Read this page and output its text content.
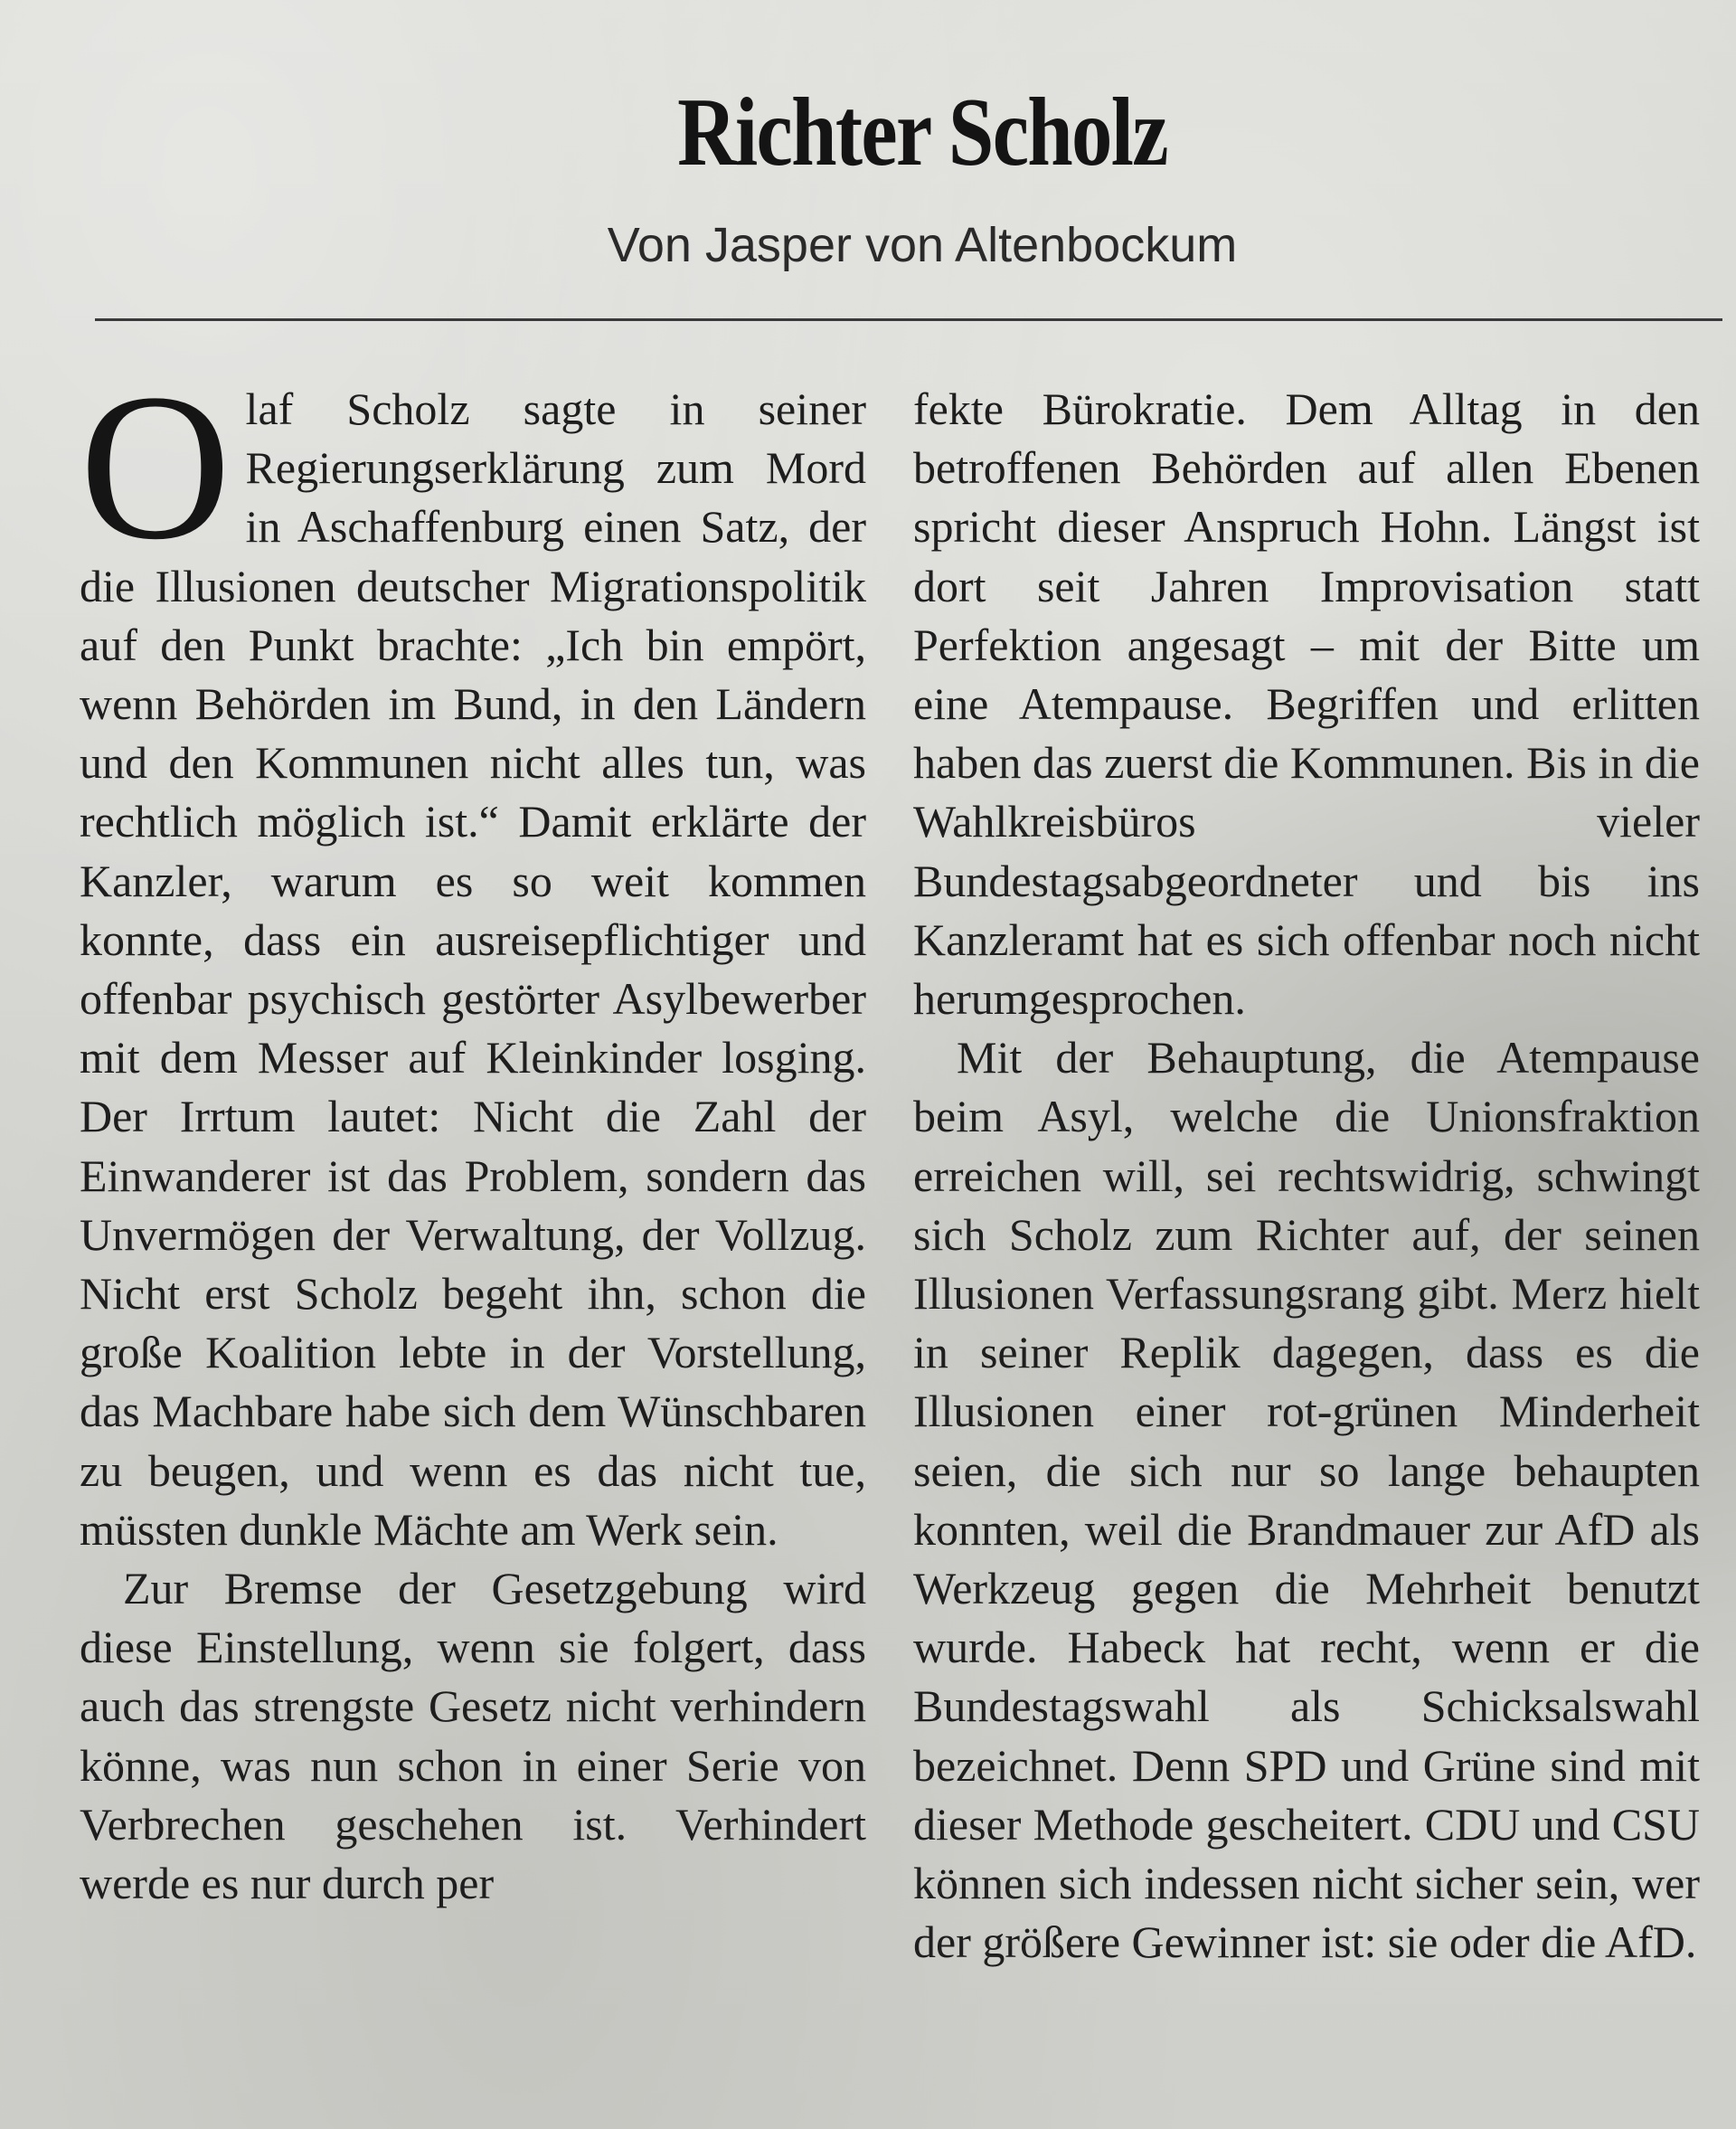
Richter Scholz
Von Jasper von Altenbockum

Olaf Scholz sagte in seiner Regierungserklärung zum Mord in Aschaffenburg einen Satz, der die Illusionen deutscher Migrationspolitik auf den Punkt brachte: „Ich bin empört, wenn Behörden im Bund, in den Ländern und den Kommunen nicht alles tun, was rechtlich möglich ist.“ Damit erklärte der Kanzler, warum es so weit kommen konnte, dass ein ausreisepflichtiger und offenbar psychisch gestörter Asylbewerber mit dem Messer auf Kleinkinder losging. Der Irrtum lautet: Nicht die Zahl der Einwanderer ist das Problem, sondern das Unvermögen der Verwaltung, der Vollzug. Nicht erst Scholz begeht ihn, schon die große Koalition lebte in der Vorstellung, das Machbare habe sich dem Wünschbaren zu beugen, und wenn es das nicht tue, müssten dunkle Mächte am Werk sein.

Zur Bremse der Gesetzgebung wird diese Einstellung, wenn sie folgert, dass auch das strengste Gesetz nicht verhindern könne, was nun schon in einer Serie von Verbrechen geschehen ist. Verhindert werde es nur durch per

fekte Bürokratie. Dem Alltag in den betroffenen Behörden auf allen Ebenen spricht dieser Anspruch Hohn. Längst ist dort seit Jahren Improvisation statt Perfektion angesagt – mit der Bitte um eine Atempause. Begriffen und erlitten haben das zuerst die Kommunen. Bis in die Wahlkreisbüros vieler Bundestagsabgeordneter und bis ins Kanzleramt hat es sich offenbar noch nicht herumgesprochen.

Mit der Behauptung, die Atempause beim Asyl, welche die Unionsfraktion erreichen will, sei rechtswidrig, schwingt sich Scholz zum Richter auf, der seinen Illusionen Verfassungsrang gibt. Merz hielt in seiner Replik dagegen, dass es die Illusionen einer rot-grünen Minderheit seien, die sich nur so lange behaupten konnten, weil die Brandmauer zur AfD als Werkzeug gegen die Mehrheit benutzt wurde. Habeck hat recht, wenn er die Bundestagswahl als Schicksalswahl bezeichnet. Denn SPD und Grüne sind mit dieser Methode gescheitert. CDU und CSU können sich indessen nicht sicher sein, wer der größere Gewinner ist: sie oder die AfD.
